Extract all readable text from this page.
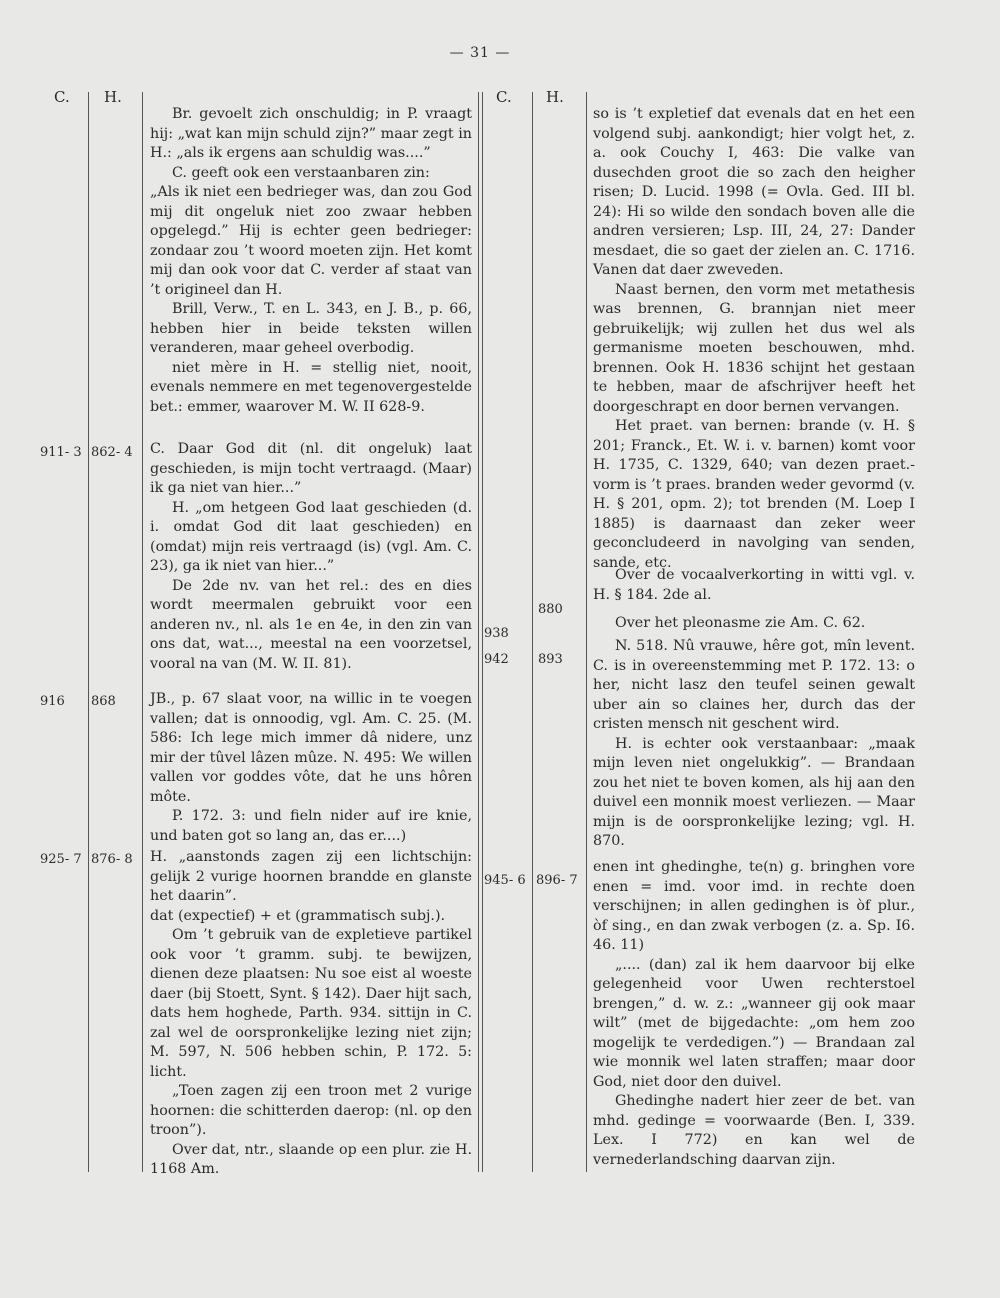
— 31 —
C. H.

Br. gevoelt zich onschuldig; in P. vraagt hij: „wat kan mijn schuld zijn?” maar zegt in H.: „als ik ergens aan schuldig was....”

C. geeft ook een verstaanbaren zin:

„Als ik niet een bedrieger was, dan zou God mij dit ongeluk niet zoo zwaar hebben opgelegd.” Hij is echter geen bedrieger: zondaar zou ’t woord moeten zijn. Het komt mij dan ook voor dat C. verder af staat van ’t origineel dan H.

Brill, Verw., T. en L. 343, en J. B., p. 66, hebben hier in beide teksten willen veranderen, maar geheel overbodig.

niet mère in H. = stellig niet, nooit, evenals nemmere en met tegenovergestelde bet.: emmer, waarover M. W. II 628-9.

911- 3 862- 4 C. Daar God dit (nl. dit ongeluk) laat geschieden, is mijn tocht vertraagd. (Maar) ik ga niet van hier...”

H. „om hetgeen God laat geschieden (d. i. omdat God dit laat geschieden) en (omdat) mijn reis vertraagd (is) (vgl. Am. C. 23), ga ik niet van hier...”

De 2de nv. van het rel.: des en dies wordt meermalen gebruikt voor een anderen nv., nl. als 1e en 4e, in den zin van ons dat, wat..., meestal na een voorzetsel, vooral na van (M. W. II. 81).

916 868 JB., p. 67 slaat voor, na willic in te voegen vallen; dat is onnoodig, vgl. Am. C. 25. (M. 586: Ich lege mich immer dâ nidere, unz mir der tûvel lâzen mûze. N. 495: We willen vallen vor goddes vôte, dat he uns hôren môte.

P. 172. 3: und fieln nider auf ire knie, und baten got so lang an, das er....)

925- 7 876- 8 H. „aanstonds zagen zij een lichtschijn: gelijk 2 vurige hoornen brandde en glanste het daarin”.

dat (expectief) + et (grammatisch subj.).

Om ’t gebruik van de expletieve partikel ook voor ’t gramm. subj. te bewijzen, dienen deze plaatsen: Nu soe eist al woeste daer (bij Stoett, Synt. § 142). Daer hijt sach, dats hem hoghede, Parth. 934. sittijn in C. zal wel de oorspronkelijke lezing niet zijn; M. 597, N. 506 hebben schin, P. 172. 5: licht.

„Toen zagen zij een troon met 2 vurige hoornen: die schitterden daerop: (nl. op den troon”).

Over dat, ntr., slaande op een plur. zie H. 1168 Am.

C. H.

so is ’t expletief dat evenals dat en het een volgend subj. aankondigt; hier volgt het, z. a. ook Couchy I, 463: Die valke van dusechden groot die so zach den heigher risen; D. Lucid. 1998 (= Ovla. Ged. III bl. 24): Hi so wilde den sondach boven alle die andren versieren; Lsp. III, 24, 27: Dander mesdaet, die so gaet der zielen an. C. 1716. Vanen dat daer zweveden.

Naast bernen, den vorm met metathesis was brennen, G. brannjan niet meer gebruikelijk; wij zullen het dus wel als germanisme moeten beschouwen, mhd. brennen. Ook H. 1836 schijnt het gestaan te hebben, maar de afschrijver heeft het doorgeschrapt en door bernen vervangen.

Het praet. van bernen: brande (v. H. § 201; Franck., Et. W. i. v. barnen) komt voor H. 1735, C. 1329, 640; van dezen praet.-vorm is ’t praes. branden weder gevormd (v. H. § 201, opm. 2); tot brenden (M. Loep I 1885) is daarnaast dan zeker weer geconcludeerd in navolging van senden, sande, etc.

880

Over de vocaalverkorting in witti vgl. v. H. § 184. 2de al.

938

Over het pleonasme zie Am. C. 62.

942 893

N. 518. Nû vrauwe, hêre got, mîn levent. C. is in overeenstemming met P. 172. 13: o her, nicht lasz den teufel seinen gewalt uber ain so claines her, durch das der cristen mensch nit geschent wird.

H. is echter ook verstaanbaar: „maak mijn leven niet ongelukkig”. — Brandaan zou het niet te boven komen, als hij aan den duivel een monnik moest verliezen. — Maar mijn is de oorspronkelijke lezing; vgl. H. 870.

945- 6 896- 7

enen int ghedinghe, te(n) g. bringhen vore enen = imd. voor imd. in rechte doen verschijnen; in allen gedinghen is òf plur., òf sing., en dan zwak verbogen (z. a. Sp. I6. 46. 11)

„.... (dan) zal ik hem daarvoor bij elke gelegenheid voor Uwen rechterstoel brengen,” d. w. z.: „wanneer gij ook maar wilt” (met de bijgedachte: „om hem zoo mogelijk te verdedigen.”) — Brandaan zal wie monnik wel laten straffen; maar door God, niet door den duivel.

Ghedinghe nadert hier zeer de bet. van mhd. gedinge = voorwaarde (Ben. I, 339. Lex. I 772) en kan wel de vernederlandsching daarvan zijn.
